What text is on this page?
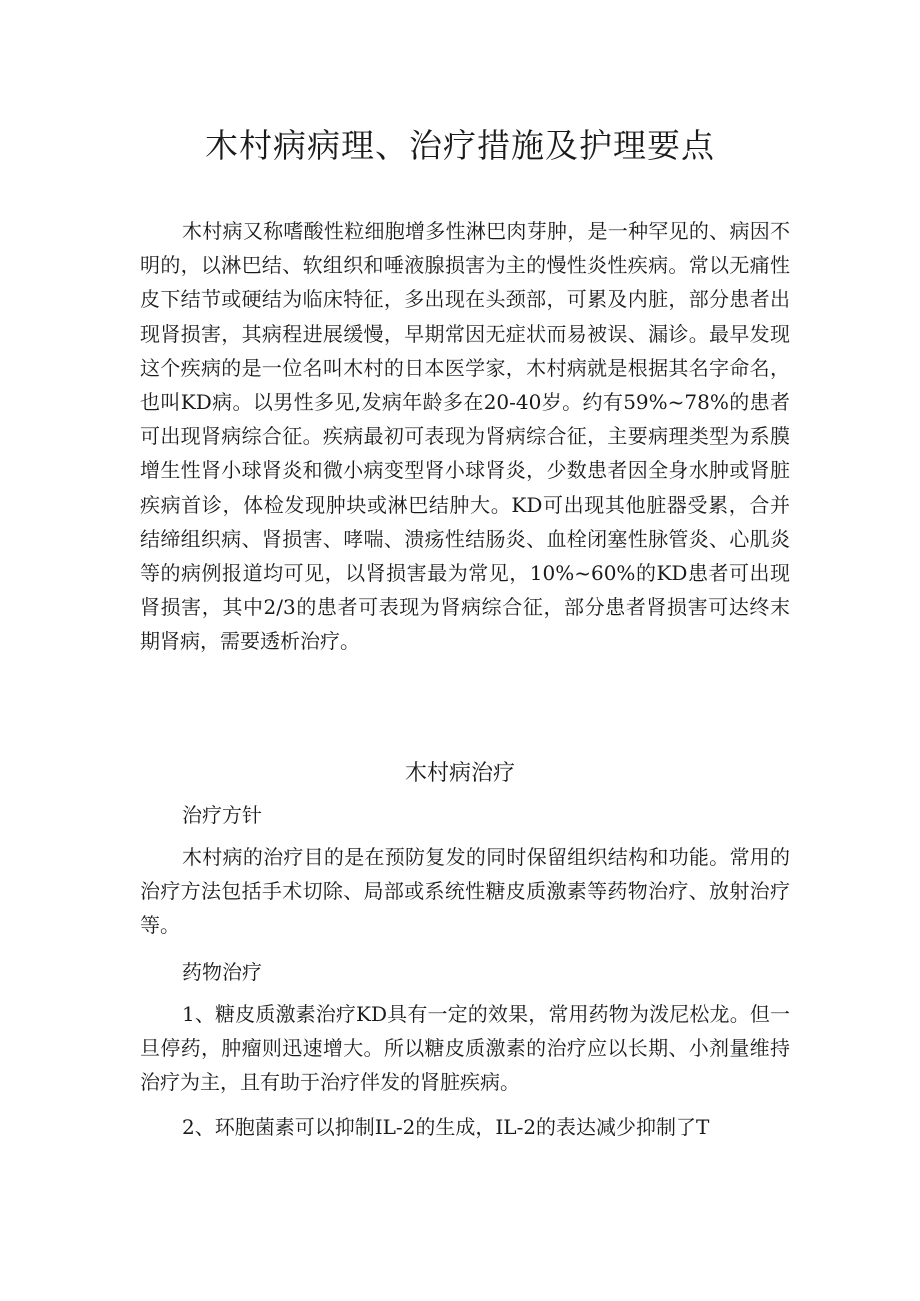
木村病病理、治疗措施及护理要点

木村病又称嗜酸性粒细胞增多性淋巴肉芽肿，是一种罕见的、病因不明的，以淋巴结、软组织和唾液腺损害为主的慢性炎性疾病。常以无痛性皮下结节或硬结为临床特征，多出现在头颈部，可累及内脏，部分患者出现肾损害，其病程进展缓慢，早期常因无症状而易被误、漏诊。最早发现这个疾病的是一位名叫木村的日本医学家，木村病就是根据其名字命名，也叫KD病。以男性多见,发病年龄多在20-40岁。约有59%~78%的患者可出现肾病综合征。疾病最初可表现为肾病综合征，主要病理类型为系膜增生性肾小球肾炎和微小病变型肾小球肾炎，少数患者因全身水肿或肾脏疾病首诊，体检发现肿块或淋巴结肿大。KD可出现其他脏器受累，合并结缔组织病、肾损害、哮喘、溃疡性结肠炎、血栓闭塞性脉管炎、心肌炎等的病例报道均可见，以肾损害最为常见，10%~60%的KD患者可出现肾损害，其中2/3的患者可表现为肾病综合征，部分患者肾损害可达终末期肾病，需要透析治疗。

木村病治疗
治疗方针

木村病的治疗目的是在预防复发的同时保留组织结构和功能。常用的治疗方法包括手术切除、局部或系统性糖皮质激素等药物治疗、放射治疗等。

药物治疗

1、糖皮质激素治疗KD具有一定的效果，常用药物为泼尼松龙。但一旦停药，肿瘤则迅速增大。所以糖皮质激素的治疗应以长期、小剂量维持治疗为主，且有助于治疗伴发的肾脏疾病。

2、环胞菌素可以抑制IL-2的生成，IL-2的表达减少抑制了T
